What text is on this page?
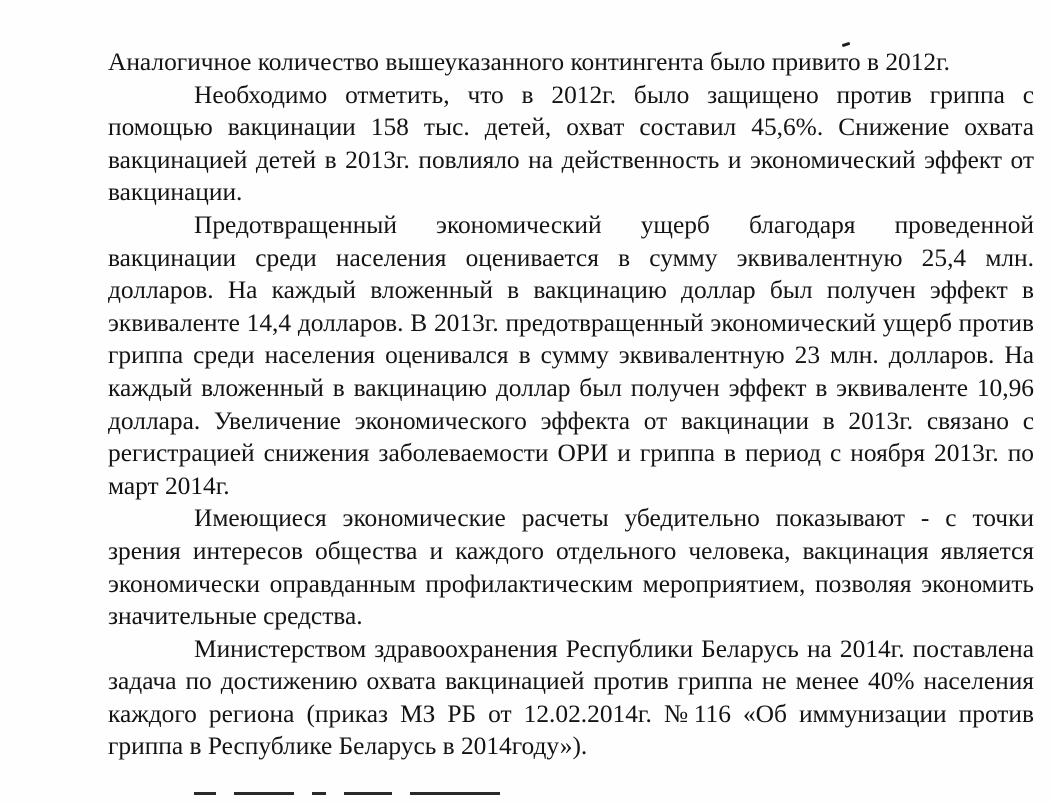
Аналогичное количество вышеуказанного контингента было привито в 2012г.

Необходимо отметить, что в 2012г. было защищено против гриппа с помощью вакцинации 158 тыс. детей, охват составил 45,6%. Снижение охвата вакцинацией детей в 2013г. повлияло на действенность и экономический эффект от вакцинации.

Предотвращенный экономический ущерб благодаря проведенной вакцинации среди населения оценивается в сумму эквивалентную 25,4 млн. долларов. На каждый вложенный в вакцинацию доллар был получен эффект в эквиваленте 14,4 долларов. В 2013г. предотвращенный экономический ущерб против гриппа среди населения оценивался в сумму эквивалентную 23 млн. долларов. На каждый вложенный в вакцинацию доллар был получен эффект в эквиваленте 10,96 доллара. Увеличение экономического эффекта от вакцинации в 2013г. связано с регистрацией снижения заболеваемости ОРИ и гриппа в период с ноября 2013г. по март 2014г.

Имеющиеся экономические расчеты убедительно показывают - с точки зрения интересов общества и каждого отдельного человека, вакцинация является экономически оправданным профилактическим мероприятием, позволяя экономить значительные средства.

Министерством здравоохранения Республики Беларусь на 2014г. поставлена задача по достижению охвата вакцинацией против гриппа не менее 40% населения каждого региона (приказ МЗ РБ от 12.02.2014г. №116 «Об иммунизации против гриппа в Республике Беларусь в 2014году»).
